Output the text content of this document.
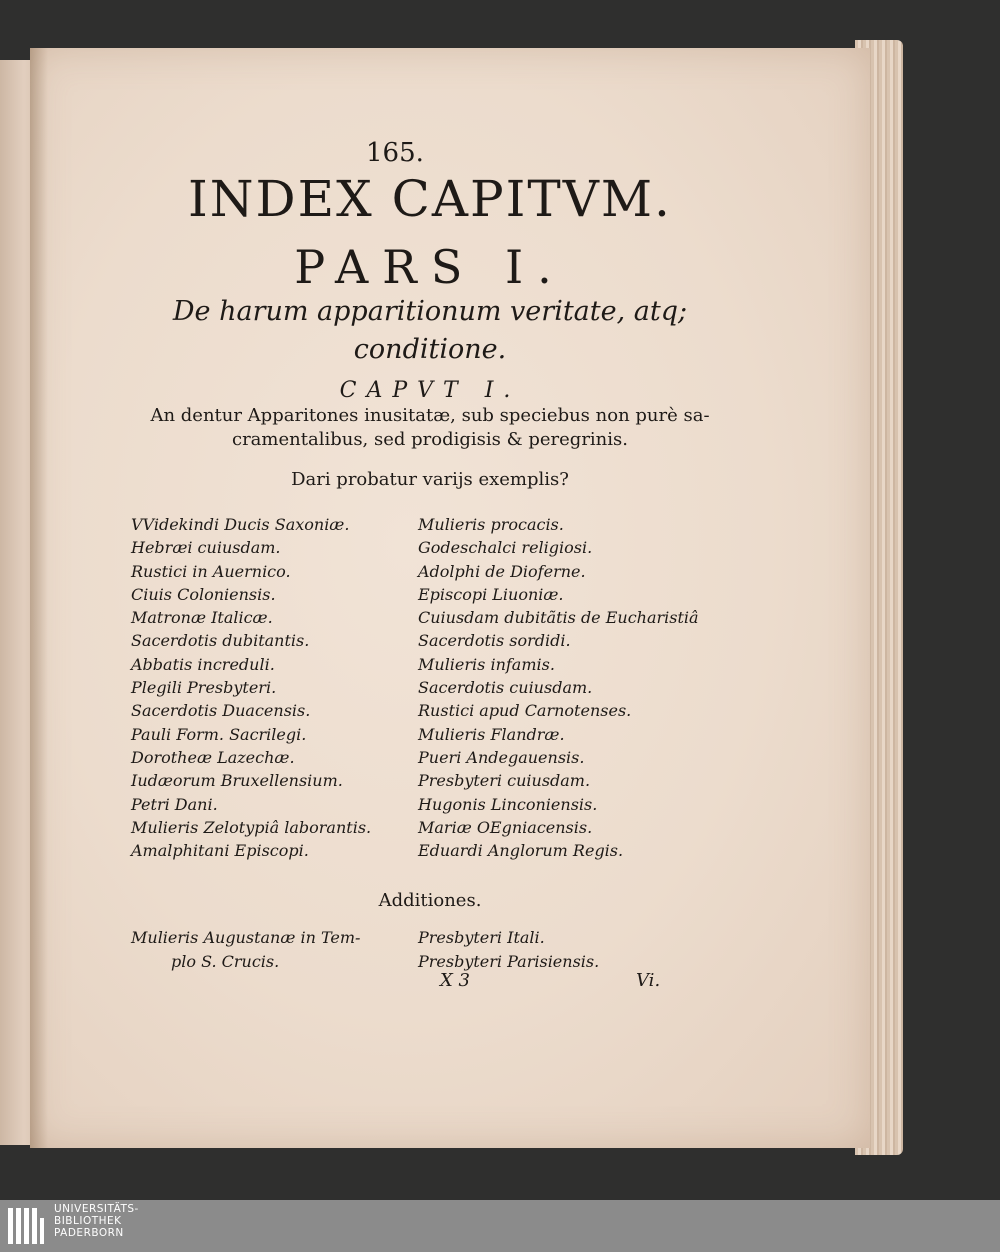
165.
INDEX CAPITVM.
PARS I.
De harum apparitionum veritate, atq;
conditione.
CAPVT I.
An dentur Apparitones inusitatæ, sub speciebus non purè sa-
cramentalibus, sed prodigisis & peregrinis.
Dari probatur varijs exemplis?
VVidekindi Ducis Saxoniæ.
Hebræi cuiusdam.
Rustici in Auernico.
Ciuis Coloniensis.
Matronæ Italicæ.
Sacerdotis dubitantis.
Abbatis increduli.
Plegili Presbyteri.
Sacerdotis Duacensis.
Pauli Form. Sacrilegi.
Dorotheæ Lazechæ.
Iudæorum Bruxellensium.
Petri Dani.
Mulieris Zelotypiâ laborantis.
Amalphitani Episcopi.
Mulieris procacis.
Godeschalci religiosi.
Adolphi de Dioferne.
Episcopi Liuoniæ.
Cuiusdam dubitãtis de Eucharistiâ
Sacerdotis sordidi.
Mulieris infamis.
Sacerdotis cuiusdam.
Rustici apud Carnotenses.
Mulieris Flandræ.
Pueri Andegauensis.
Presbyteri cuiusdam.
Hugonis Linconiensis.
Mariæ OEgniacensis.
Eduardi Anglorum Regis.
Additiones.
Mulieris Augustanæ in Tem-
plo S. Crucis.
Presbyteri Itali.
Presbyteri Parisiensis.
X 3	Vi.
UNIVERSITÄTS-
BIBLIOTHEK
PADERBORN
